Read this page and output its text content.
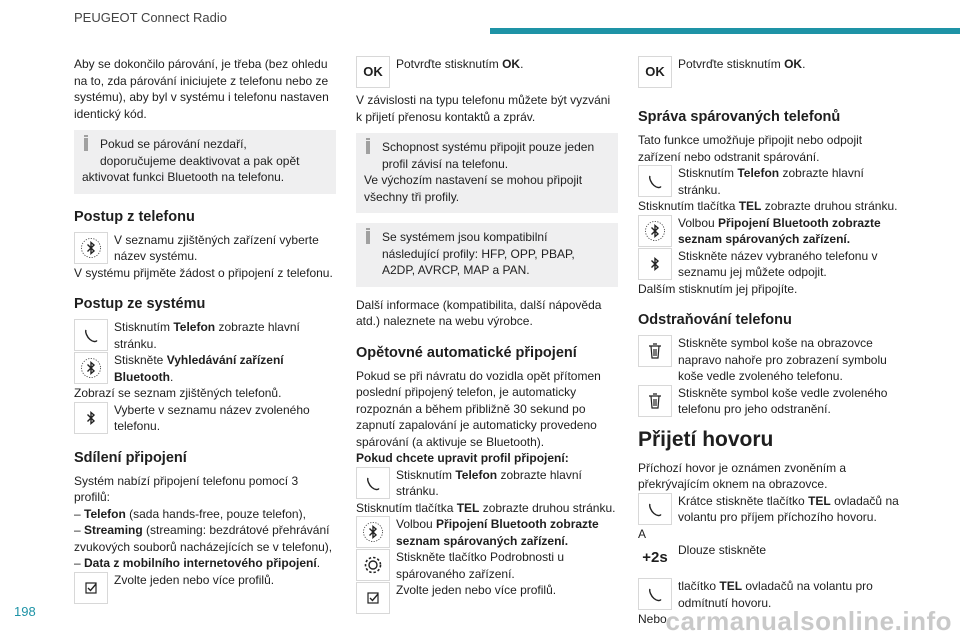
PEUGEOT Connect Radio
Aby se dokončilo párování, je třeba (bez ohledu na to, zda párování iniciujete z telefonu nebo ze systému), aby byl v systému i telefonu nastaven identický kód.
Pokud se párování nezdaří,
doporučujeme deaktivovat a pak opět
aktivovat funkci Bluetooth na telefonu.
Postup z telefonu
V seznamu zjištěných zařízení vyberte název systému.
V systému přijměte žádost o připojení z telefonu.
Postup ze systému
Stisknutím Telefon zobrazte hlavní stránku.
Stiskněte Vyhledávání zařízení Bluetooth.
Zobrazí se seznam zjištěných telefonů.
Vyberte v seznamu název zvoleného telefonu.
Sdílení připojení
Systém nabízí připojení telefonu pomocí 3 profilů:
– Telefon (sada hands-free, pouze telefon),
– Streaming (streaming: bezdrátové přehrávání zvukových souborů nacházejících se v telefonu),
– Data z mobilního internetového připojení.
Zvolte jeden nebo více profilů.
OK Potvrďte stisknutím OK.
V závislosti na typu telefonu můžete být vyzváni k přijetí přenosu kontaktů a zpráv.
Schopnost systému připojit pouze jeden
profil závisí na telefonu.
Ve výchozím nastavení se mohou připojit všechny tři profily.
Se systémem jsou kompatibilní
následující profily: HFP, OPP, PBAP, A2DP, AVRCP, MAP a PAN.
Další informace (kompatibilita, další nápověda atd.) naleznete na webu výrobce.
Opětovné automatické připojení
Pokud se při návratu do vozidla opět přítomen poslední připojený telefon, je automaticky rozpoznán a během přibližně 30 sekund po zapnutí zapalování je automaticky provedeno spárování (a aktivuje se Bluetooth).
Pokud chcete upravit profil připojení:
Stisknutím Telefon zobrazte hlavní stránku.
Stisknutím tlačítka TEL zobrazte druhou stránku.
Volbou Připojení Bluetooth zobrazte seznam spárovaných zařízení.
Stiskněte tlačítko Podrobnosti u spárovaného zařízení.
Zvolte jeden nebo více profilů.
OK Potvrďte stisknutím OK.
Správa spárovaných telefonů
Tato funkce umožňuje připojit nebo odpojit zařízení nebo odstranit spárování.
Stisknutím Telefon zobrazte hlavní stránku.
Stisknutím tlačítka TEL zobrazte druhou stránku.
Volbou Připojení Bluetooth zobrazte seznam spárovaných zařízení.
Stiskněte název vybraného telefonu v seznamu jej můžete odpojit.
Dalším stisknutím jej připojíte.
Odstraňování telefonu
Stiskněte symbol koše na obrazovce napravo nahoře pro zobrazení symbolu koše vedle zvoleného telefonu.
Stiskněte symbol koše vedle zvoleného telefonu pro jeho odstranění.
Přijetí hovoru
Příchozí hovor je oznámen zvoněním a překrývajícím oknem na obrazovce.
Krátce stiskněte tlačítko TEL ovladačů na volantu pro příjem příchozího hovoru.
A
+2s Dlouze stiskněte
tlačítko TEL ovladačů na volantu pro odmítnutí hovoru.
Nebo
198	carmanualsonline.info
